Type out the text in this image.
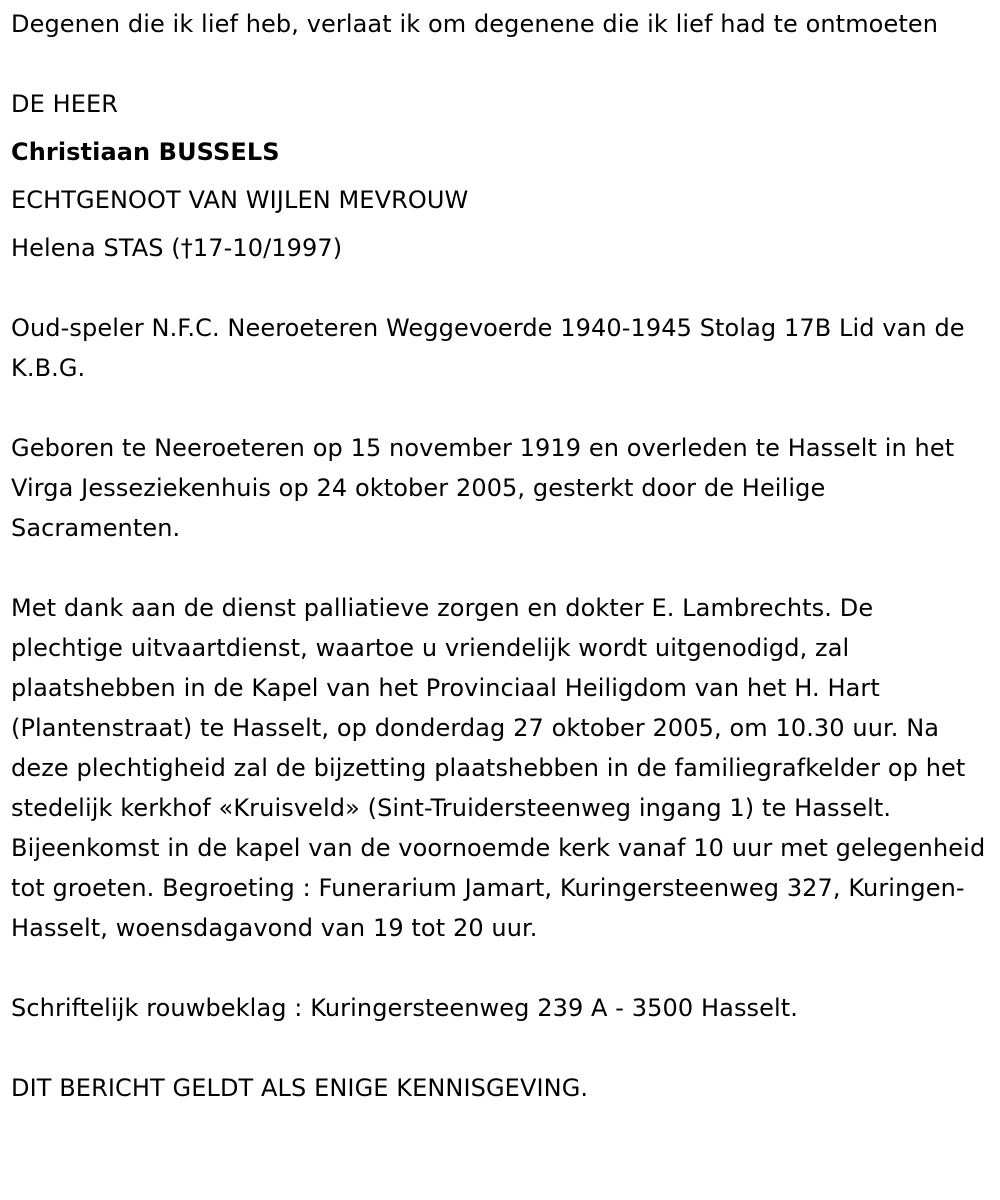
Degenen die ik lief heb, verlaat ik om degenene die ik lief had te ontmoeten

DE HEER

Christiaan BUSSELS

ECHTGENOOT VAN WIJLEN MEVROUW

Helena STAS (†17-10/1997)

Oud-speler N.F.C. Neeroeteren Weggevoerde 1940-1945 Stolag 17B Lid van de K.B.G.

Geboren te Neeroeteren op 15 november 1919 en overleden te Hasselt in het Virga Jesseziekenhuis op 24 oktober 2005, gesterkt door de Heilige Sacramenten.

Met dank aan de dienst palliatieve zorgen en dokter E. Lambrechts. De plechtige uitvaartdienst, waartoe u vriendelijk wordt uitgenodigd, zal plaatshebben in de Kapel van het Provinciaal Heiligdom van het H. Hart (Plantenstraat) te Hasselt, op donderdag 27 oktober 2005, om 10.30 uur. Na deze plechtigheid zal de bijzetting plaatshebben in de familiegrafkelder op het stedelijk kerkhof «Kruisveld» (Sint-Truidersteenweg ingang 1) te Hasselt. Bijeenkomst in de kapel van de voornoemde kerk vanaf 10 uur met gelegenheid tot groeten. Begroeting : Funerarium Jamart, Kuringersteenweg 327, Kuringen-Hasselt, woensdagavond van 19 tot 20 uur.

Schriftelijk rouwbeklag : Kuringersteenweg 239 A - 3500 Hasselt.

DIT BERICHT GELDT ALS ENIGE KENNISGEVING.
